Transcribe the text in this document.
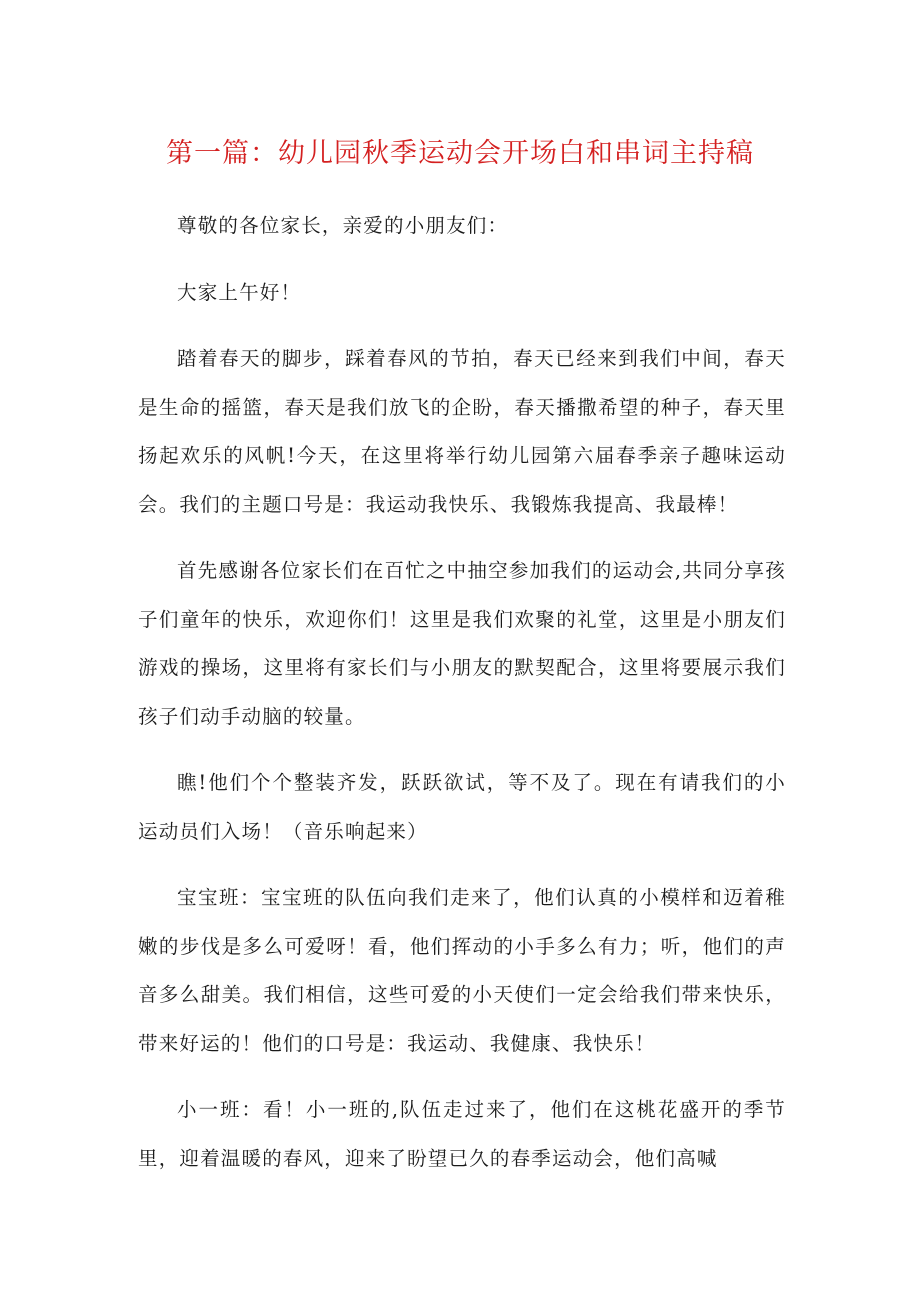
第一篇：幼儿园秋季运动会开场白和串词主持稿

尊敬的各位家长，亲爱的小朋友们：

大家上午好！

踏着春天的脚步，踩着春风的节拍，春天已经来到我们中间，春天是生命的摇篮，春天是我们放飞的企盼，春天播撒希望的种子，春天里扬起欢乐的风帆!今天，在这里将举行幼儿园第六届春季亲子趣味运动会。我们的主题口号是：我运动我快乐、我锻炼我提高、我最棒！

首先感谢各位家长们在百忙之中抽空参加我们的运动会,共同分享孩子们童年的快乐，欢迎你们！这里是我们欢聚的礼堂，这里是小朋友们游戏的操场，这里将有家长们与小朋友的默契配合，这里将要展示我们孩子们动手动脑的较量。

瞧!他们个个整装齐发，跃跃欲试，等不及了。现在有请我们的小运动员们入场！（音乐响起来）

宝宝班：宝宝班的队伍向我们走来了，他们认真的小模样和迈着稚嫩的步伐是多么可爱呀！看，他们挥动的小手多么有力；听，他们的声音多么甜美。我们相信，这些可爱的小天使们一定会给我们带来快乐，带来好运的！他们的口号是：我运动、我健康、我快乐！

小一班：看！小一班的,队伍走过来了，他们在这桃花盛开的季节里，迎着温暖的春风，迎来了盼望已久的春季运动会，他们高喊
